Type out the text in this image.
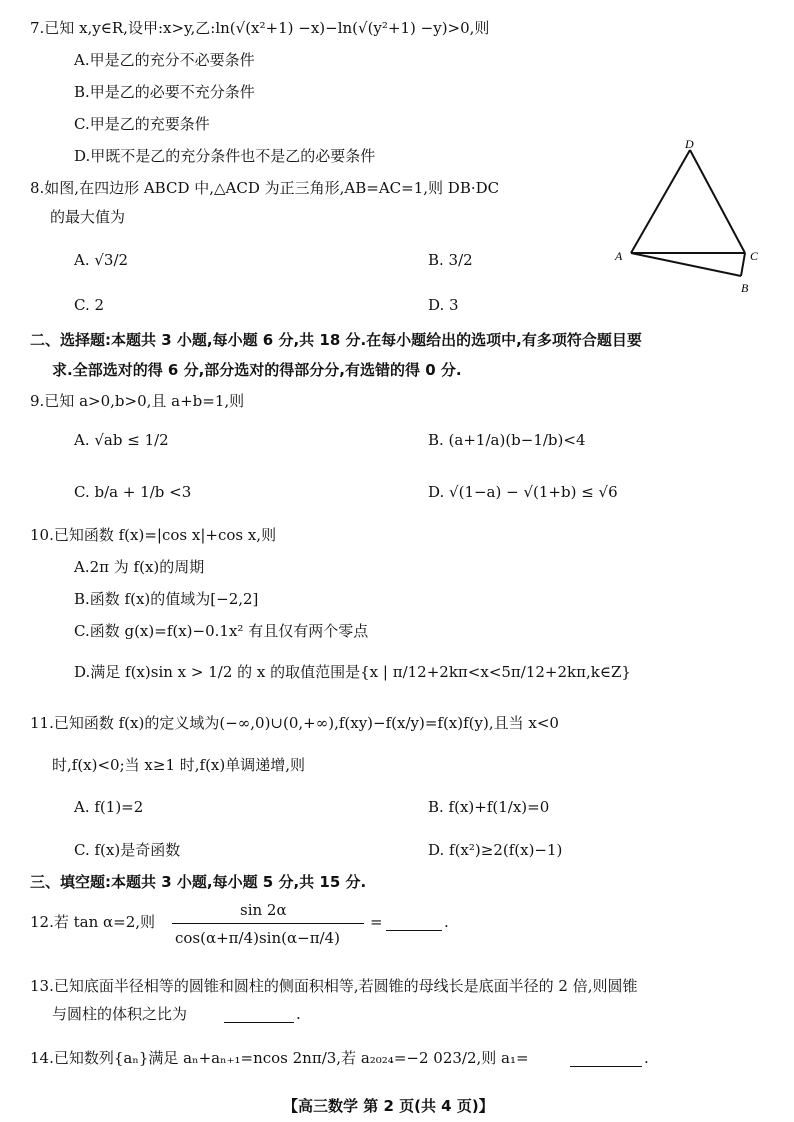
7.已知 x,y∈R,设甲:x>y,乙:ln(√(x²+1) −x)−ln(√(y²+1) −y)>0,则
A.甲是乙的充分不必要条件
B.甲是乙的必要不充分条件
C.甲是乙的充要条件
D.甲既不是乙的充分条件也不是乙的必要条件
8.如图,在四边形 ABCD 中,△ACD 为正三角形,AB=AC=1,则 DB·DC
的最大值为
A. √3/2	B. 3/2
C. 2	D. 3
D
A	C
B
二、选择题:本题共 3 小题,每小题 6 分,共 18 分.在每小题给出的选项中,有多项符合题目要
求.全部选对的得 6 分,部分选对的得部分分,有选错的得 0 分.
9.已知 a>0,b>0,且 a+b=1,则
A. √ab ≤ 1/2	B. (a+1/a)(b−1/b)<4
C. b/a + 1/b <3	D. √(1−a) − √(1+b) ≤ √6
10.已知函数 f(x)=|cos x|+cos x,则
A.2π 为 f(x)的周期
B.函数 f(x)的值域为[−2,2]
C.函数 g(x)=f(x)−0.1x² 有且仅有两个零点
D.满足 f(x)sin x > 1/2 的 x 的取值范围是{x | π/12+2kπ<x<5π/12+2kπ,k∈Z}
11.已知函数 f(x)的定义域为(−∞,0)∪(0,+∞),f(xy)−f(x/y)=f(x)f(y),且当 x<0
时,f(x)<0;当 x≥1 时,f(x)单调递增,则
A. f(1)=2	B. f(x)+f(1/x)=0
C. f(x)是奇函数	D. f(x²)≥2(f(x)−1)
三、填空题:本题共 3 小题,每小题 5 分,共 15 分.
12.若 tan α=2,则
sin 2α
cos(α+π/4)sin(α−π/4)
=	.
13.已知底面半径相等的圆锥和圆柱的侧面积相等,若圆锥的母线长是底面半径的 2 倍,则圆锥
与圆柱的体积之比为	.
14.已知数列{aₙ}满足 aₙ+aₙ₊₁=ncos 2nπ/3,若 a₂₀₂₄=−2 023/2,则 a₁=	.
【高三数学 第 2 页(共 4 页)】
